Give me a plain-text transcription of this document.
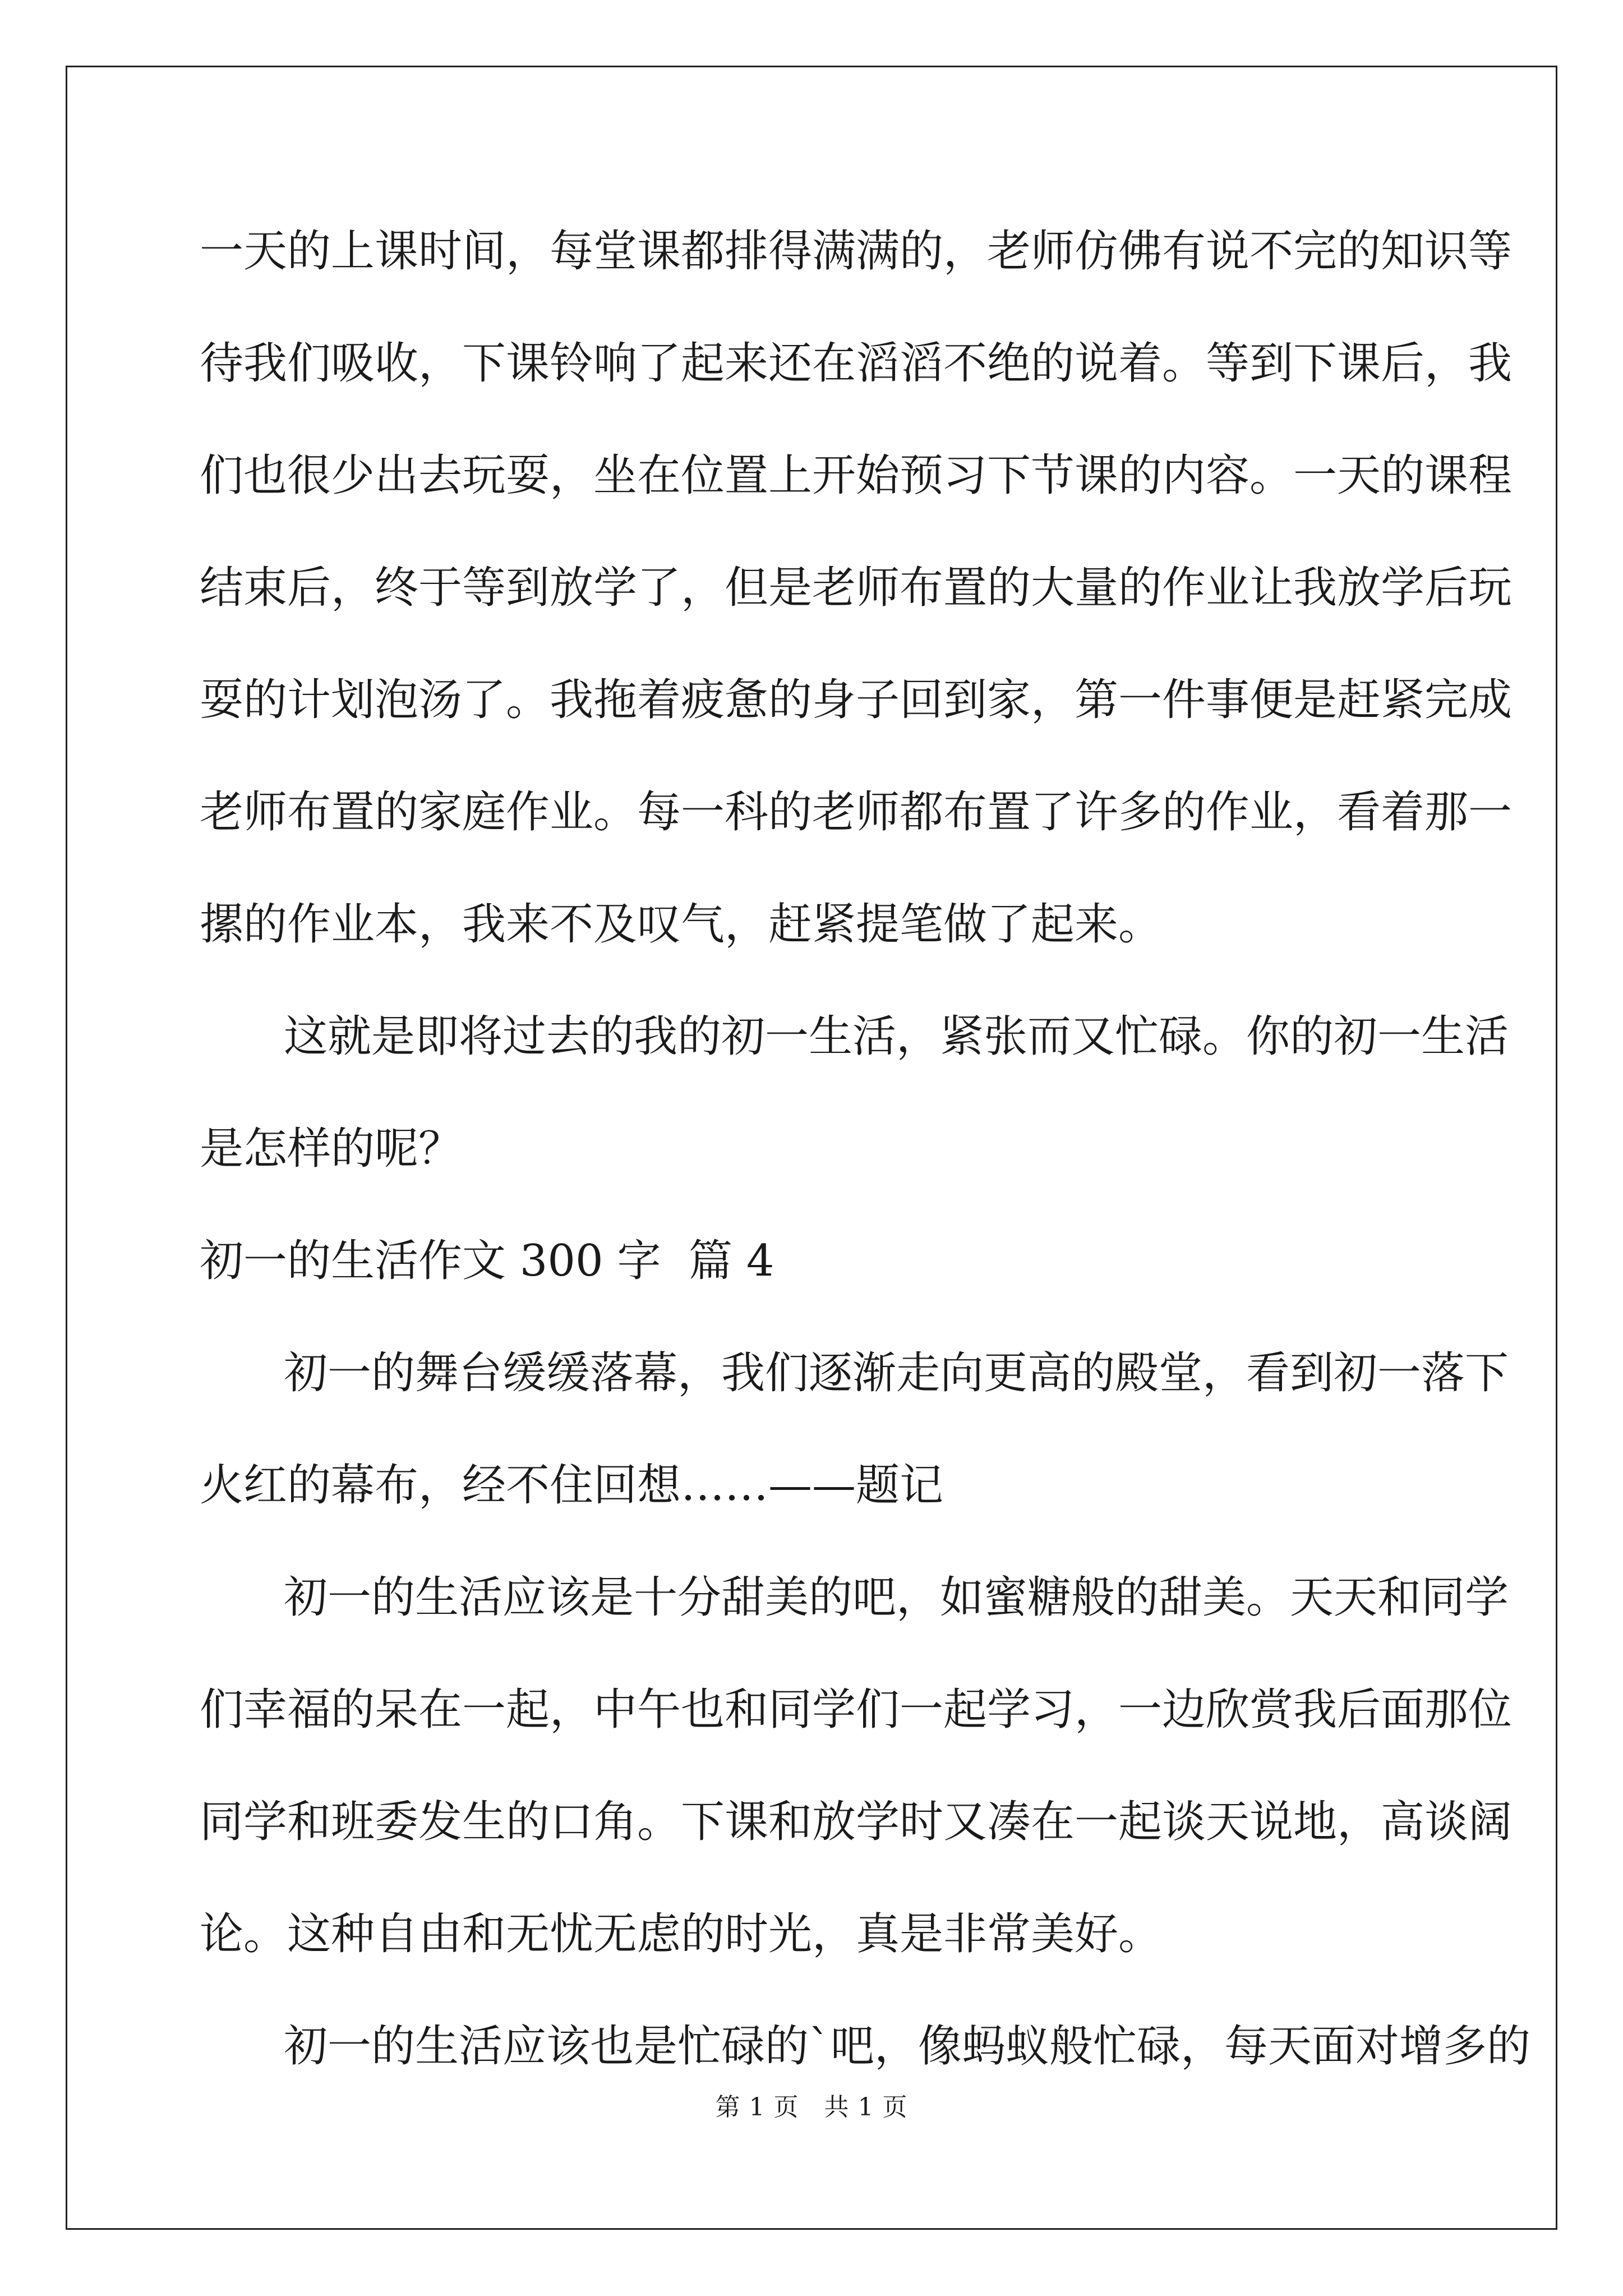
一天的上课时间，每堂课都排得满满的，老师仿佛有说不完的知识等
待我们吸收，下课铃响了起来还在滔滔不绝的说着。等到下课后，我
们也很少出去玩耍，坐在位置上开始预习下节课的内容。一天的课程
结束后，终于等到放学了，但是老师布置的大量的作业让我放学后玩
耍的计划泡汤了。我拖着疲惫的身子回到家，第一件事便是赶紧完成
老师布置的家庭作业。每一科的老师都布置了许多的作业，看着那一
摞的作业本，我来不及叹气，赶紧提笔做了起来。
这就是即将过去的我的初一生活，紧张而又忙碌。你的初一生活
是怎样的呢？
初一的生活作文 300 字  篇 4
初一的舞台缓缓落幕，我们逐渐走向更高的殿堂，看到初一落下
火红的幕布，经不住回想……——题记
初一的生活应该是十分甜美的吧，如蜜糖般的甜美。天天和同学
们幸福的呆在一起，中午也和同学们一起学习，一边欣赏我后面那位
同学和班委发生的口角。下课和放学时又凑在一起谈天说地，高谈阔
论。这种自由和无忧无虑的时光，真是非常美好。
初一的生活应该也是忙碌的`吧，像蚂蚁般忙碌，每天面对增多的
第 1 页   共 1 页
